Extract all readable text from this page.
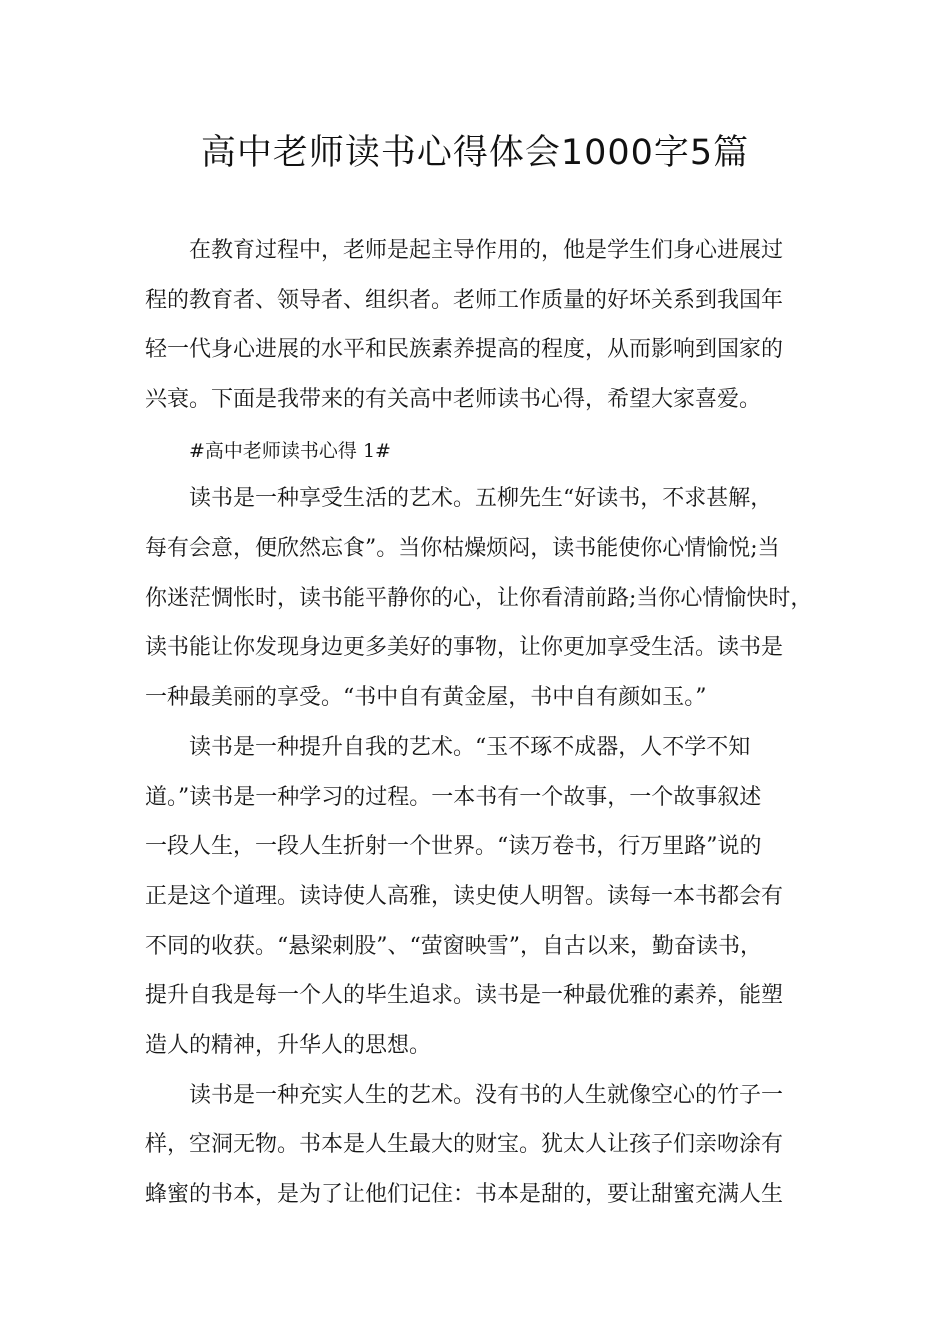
高中老师读书心得体会1000字5篇
在教育过程中，老师是起主导作用的，他是学生们身心进展过
程的教育者、领导者、组织者。老师工作质量的好坏关系到我国年
轻一代身心进展的水平和民族素养提高的程度，从而影响到国家的
兴衰。下面是我带来的有关高中老师读书心得，希望大家喜爱。
#高中老师读书心得 1#
读书是一种享受生活的艺术。五柳先生“好读书，不求甚解，
每有会意，便欣然忘食”。当你枯燥烦闷，读书能使你心情愉悦;当
你迷茫惆怅时，读书能平静你的心，让你看清前路;当你心情愉快时，
读书能让你发现身边更多美好的事物，让你更加享受生活。读书是
一种最美丽的享受。“书中自有黄金屋，书中自有颜如玉。”
读书是一种提升自我的艺术。“玉不琢不成器，人不学不知
道。”读书是一种学习的过程。一本书有一个故事，一个故事叙述
一段人生，一段人生折射一个世界。“读万卷书，行万里路”说的
正是这个道理。读诗使人高雅，读史使人明智。读每一本书都会有
不同的收获。“悬梁刺股”、“萤窗映雪”，自古以来，勤奋读书，
提升自我是每一个人的毕生追求。读书是一种最优雅的素养，能塑
造人的精神，升华人的思想。
读书是一种充实人生的艺术。没有书的人生就像空心的竹子一
样，空洞无物。书本是人生最大的财宝。犹太人让孩子们亲吻涂有
蜂蜜的书本，是为了让他们记住：书本是甜的，要让甜蜜充满人生
